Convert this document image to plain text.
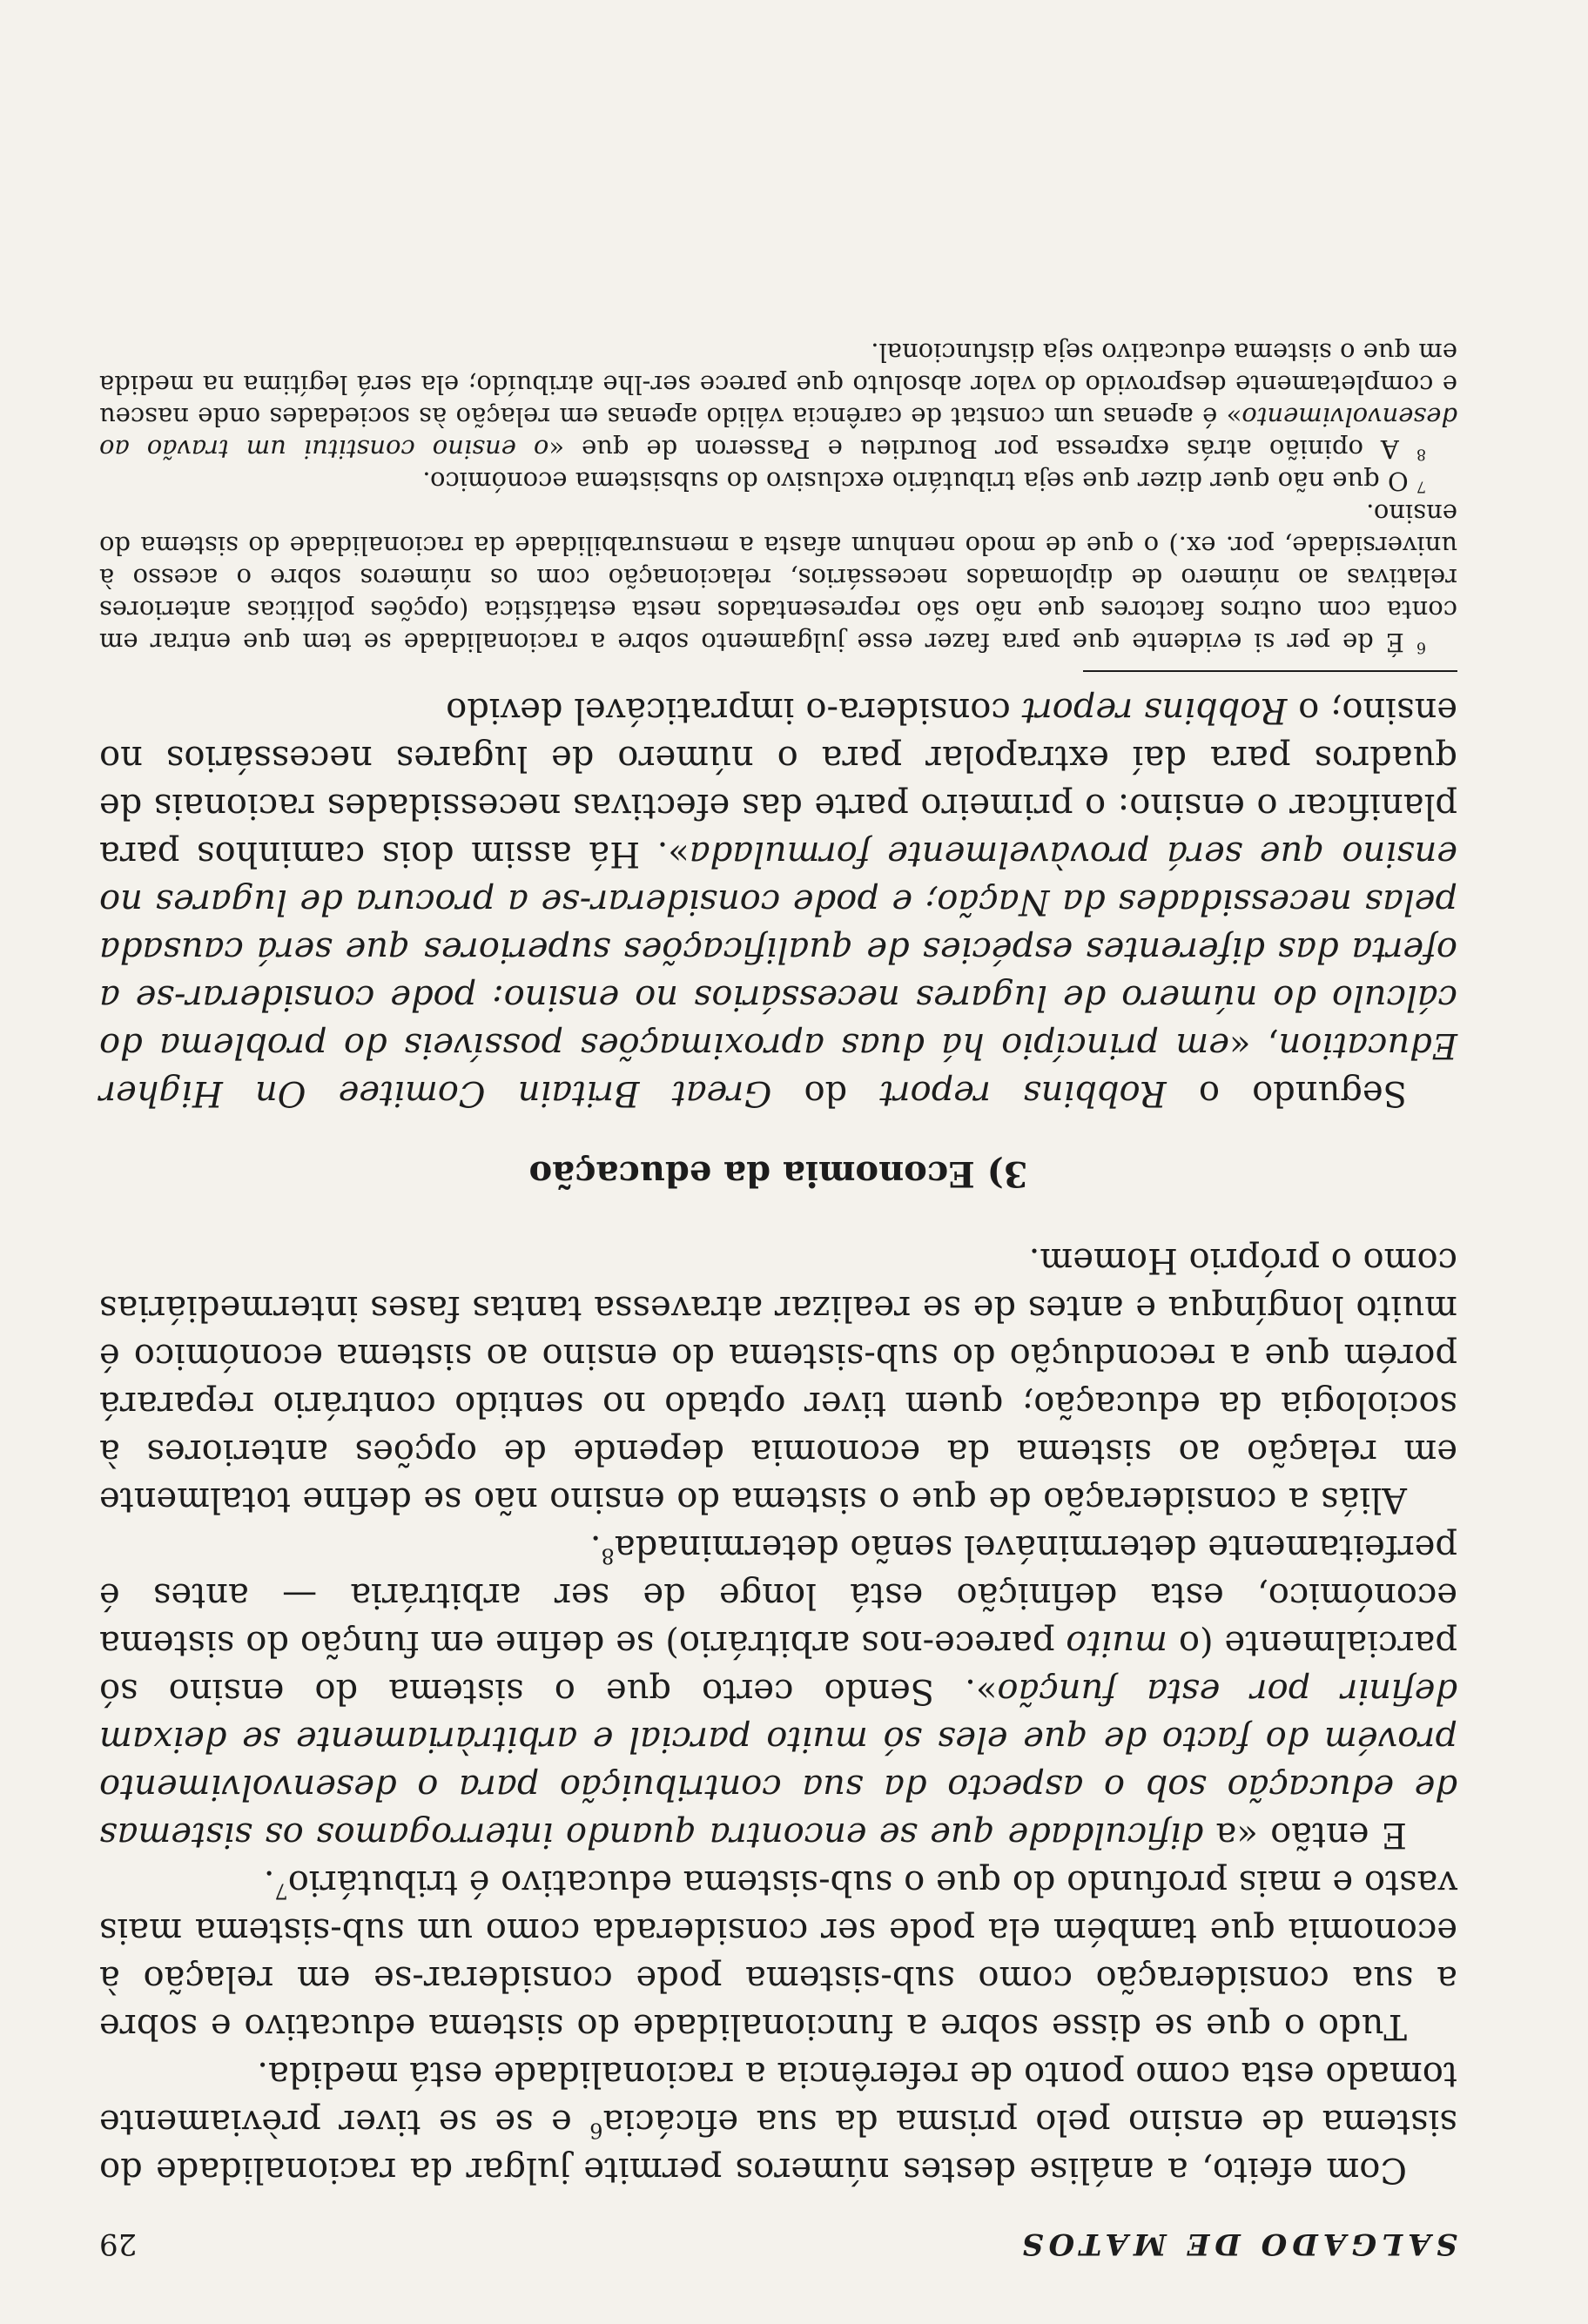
SALGADO DE MATOS
29

Com efeito, a análise destes números permite julgar da racionalidade do sistema de ensino pelo prisma da sua eficácia$^6$ e se se tiver prèviamente tomado esta como ponto de referência a racionalidade está medida.

Tudo o que se disse sobre a funcionalidade do sistema educativo e sobre a sua consideração como sub-sistema pode considerar-se em relação à economia que também ela pode ser considerada como um sub-sistema mais vasto e mais profundo do que o sub-sistema educativo é tributário$^7$.

E então «a dificuldade que se encontra quando interrogamos os sistemas de educação sob o aspecto da sua contribuição para o desenvolvimento provém do facto de que eles só muito parcial e arbitràriamente se deixam definir por esta função». Sendo certo que o sistema do ensino só parcialmente (o muito parece-nos arbitrário) se define em função do sistema económico, esta definição está longe de ser arbitrária — antes é perfeitamente determinável senão determinada$^8$.

Aliás a consideração de que o sistema do ensino não se define totalmente em relação ao sistema da economia depende de opções anteriores à sociologia da educação; quem tiver optado no sentido contrário reparará porém que a recondução do sub-sistema do ensino ao sistema económico é muito longínqua e antes de se realizar atravessa tantas fases intermediárias como o próprio Homem.

3) Economia da educação

Segundo o Robbins report do Great Britain Comitee On Higher Education, «em princípio há duas aproximações possíveis do problema do cálculo do número de lugares necessários no ensino: pode considerar-se a oferta das diferentes espécies de qualificações superiores que será causada pelas necessidades da Nação; e pode considerar-se a procura de lugares no ensino que será provàvelmente formulada». Há assim dois caminhos para planificar o ensino: o primeiro parte das efectivas necessidades racionais de quadros para daí extrapolar para o número de lugares necessários no ensino; o Robbins report considera-o impraticável devido

$^6$ É de per si evidente que para fazer esse julgamento sobre a racionalidade se tem que entrar em conta com outros factores que não são representados nesta estatística (opções políticas anteriores relativas ao número de diplomados necessários, relacionação com os números sobre o acesso à universidade, por. ex.) o que de modo nenhum afasta a mensurabilidade da racionalidade do sistema do ensino.

$^7$ O que não quer dizer que seja tributário exclusivo do subsistema económico.

$^8$ A opinião atrás expressa por Bourdieu e Passeron de que «o ensino constitui um travão ao desenvolvimento» é apenas um constat de carência válido apenas em relação às sociedades onde nasceu e completamente desprovido do valor absoluto que parece ser-lhe atribuído; ela será legítima na medida em que o sistema educativo seja disfuncional.
